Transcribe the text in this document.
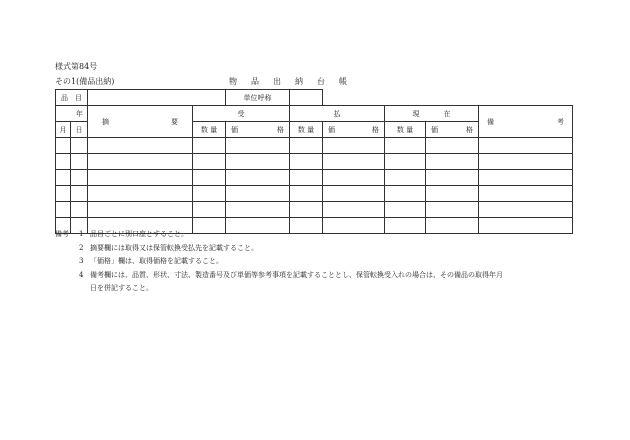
様式第84号
その1(備品出納)	物品出納台帳
品　目				単位呼称					
年		摘 要	受		払		現 在		備 考

月	日		数 量	価 格	数 量	価 格	数 量	価 格	

備考	1 品目ごとに別口座とすること。
2 摘要欄には取得又は保管転換受払先を記載すること。
3 「価格」欄は、取得価格を記載すること。
4 備考欄には、品質、形状、寸法、製造番号及び単価等参考事項を記載することとし、保管転換受入れの場合は、その備品の取得年月
日を併記すること。
